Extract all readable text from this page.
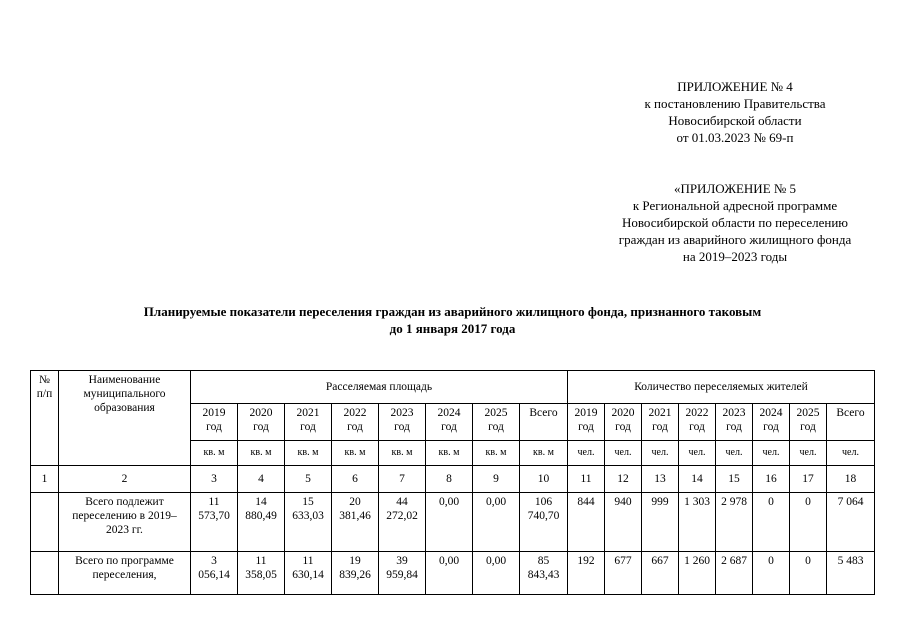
ПРИЛОЖЕНИЕ № 4
к постановлению Правительства
Новосибирской области
от 01.03.2023 № 69-п
«ПРИЛОЖЕНИЕ № 5
к Региональной адресной программе
Новосибирской области по переселению
граждан из аварийного жилищного фонда
на 2019–2023 годы
Планируемые показатели переселения граждан из аварийного жилищного фонда, признанного таковым
до 1 января 2017 года
№ п/п	Наименование муниципального образования	Расселяемая площадь								Количество переселяемых жителей							
		2019 год	2020 год	2021 год	2022 год	2023 год	2024 год	2025 год	Всего	2019 год	2020 год	2021 год	2022 год	2023 год	2024 год	2025 год	Всего
		кв. м	кв. м	кв. м	кв. м	кв. м	кв. м	кв. м	кв. м	чел.	чел.	чел.	чел.	чел.	чел.	чел.	чел.
1	2	3	4	5	6	7	8	9	10	11	12	13	14	15	16	17	18
	Всего подлежит переселению в 2019–2023 гг.	11 573,70	14 880,49	15 633,03	20 381,46	44 272,02	0,00	0,00	106 740,70	844	940	999	1 303	2 978	0	0	7 064
	Всего по программе переселения,	3 056,14	11 358,05	11 630,14	19 839,26	39 959,84	0,00	0,00	85 843,43	192	677	667	1 260	2 687	0	0	5 483
